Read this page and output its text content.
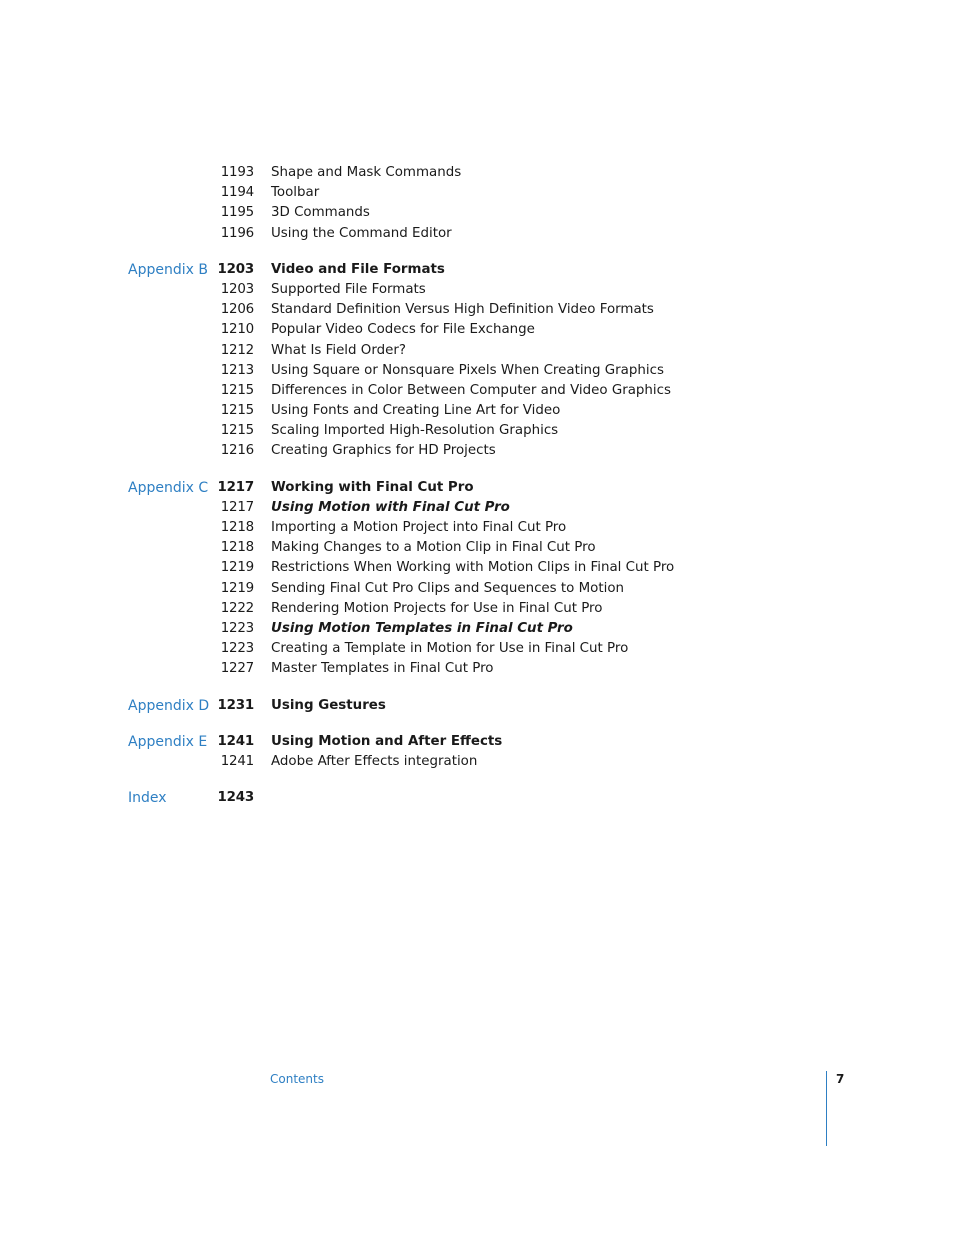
1193 Shape and Mask Commands
1194 Toolbar
1195 3D Commands
1196 Using the Command Editor
Appendix B 1203 Video and File Formats
1203 Supported File Formats
1206 Standard Definition Versus High Definition Video Formats
1210 Popular Video Codecs for File Exchange
1212 What Is Field Order?
1213 Using Square or Nonsquare Pixels When Creating Graphics
1215 Differences in Color Between Computer and Video Graphics
1215 Using Fonts and Creating Line Art for Video
1215 Scaling Imported High-Resolution Graphics
1216 Creating Graphics for HD Projects
Appendix C 1217 Working with Final Cut Pro
1217 Using Motion with Final Cut Pro
1218 Importing a Motion Project into Final Cut Pro
1218 Making Changes to a Motion Clip in Final Cut Pro
1219 Restrictions When Working with Motion Clips in Final Cut Pro
1219 Sending Final Cut Pro Clips and Sequences to Motion
1222 Rendering Motion Projects for Use in Final Cut Pro
1223 Using Motion Templates in Final Cut Pro
1223 Creating a Template in Motion for Use in Final Cut Pro
1227 Master Templates in Final Cut Pro
Appendix D 1231 Using Gestures
Appendix E 1241 Using Motion and After Effects
1241 Adobe After Effects integration
Index	1243
Contents	7
